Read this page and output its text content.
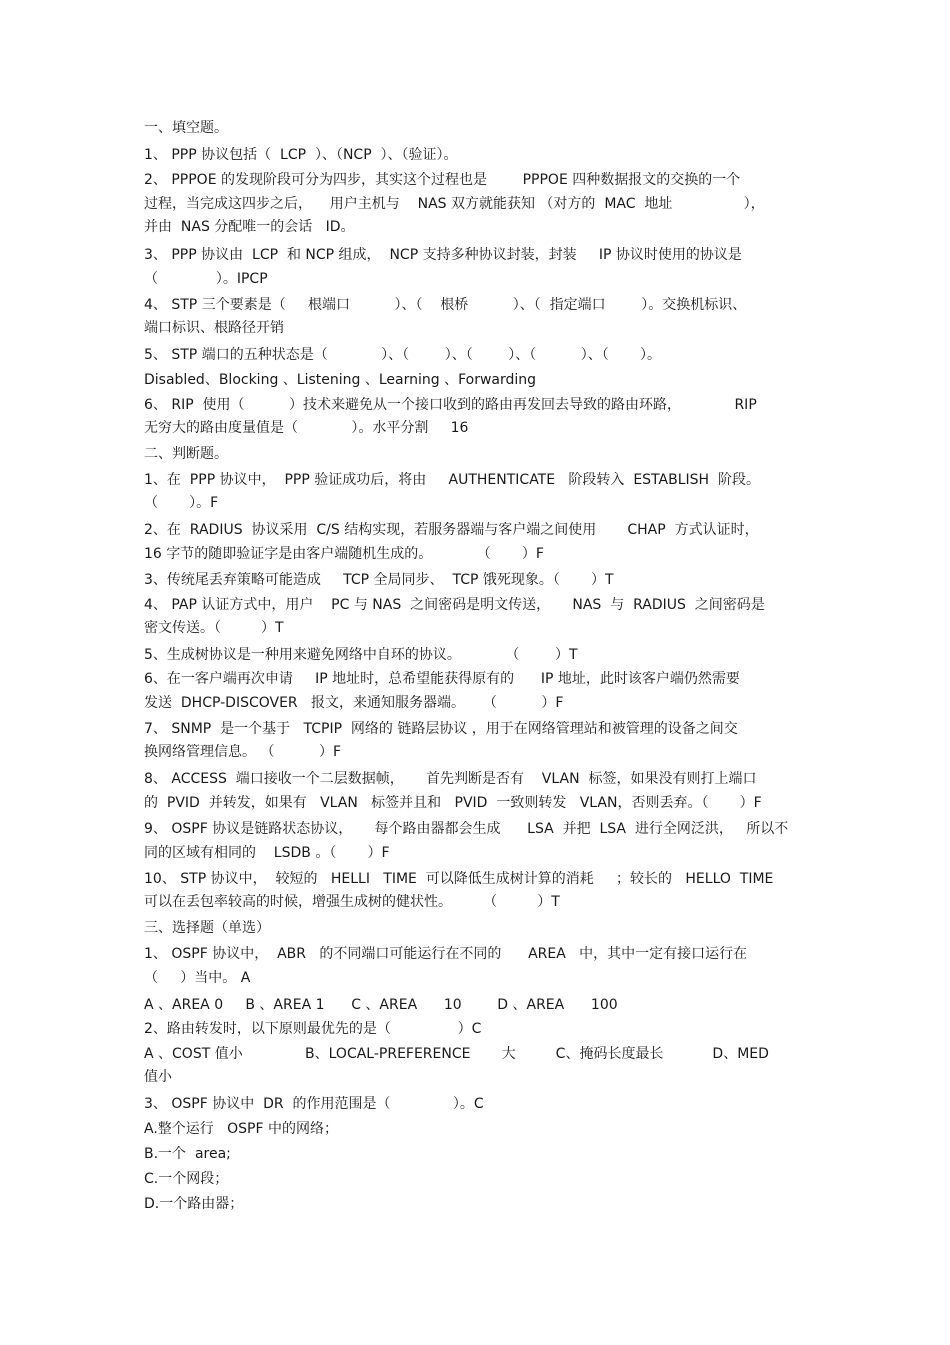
一、填空题。
1、 PPP 协议包括（  LCP  ）、（NCP  ）、（验证）。
2、 PPPOE 的发现阶段可分为四步，其实这个过程也是        PPPOE 四种数据报文的交换的一个
过程，当完成这四步之后，    用户主机与    NAS 双方就能获知 （对方的  MAC  地址                ），
并由  NAS 分配唯一的会话   ID。
3、 PPP 协议由  LCP  和 NCP 组成，  NCP 支持多种协议封装，封装     IP 协议时使用的协议是
（             ）。IPCP
4、 STP 三个要素是（     根端口          ）、（    根桥          ）、（  指定端口        ）。交换机标识、
端口标识、根路径开销
5、 STP 端口的五种状态是（            ）、（        ）、（        ）、（          ）、（       ）。
Disabled、Blocking 、Listening 、Learning 、Forwarding
6、 RIP  使用（          ）技术来避免从一个接口收到的路由再发回去导致的路由环路，            RIP
无穷大的路由度量值是（            ）。水平分割     16
二、判断题。
1、在  PPP 协议中，  PPP 验证成功后，将由     AUTHENTICATE   阶段转入  ESTABLISH  阶段。
（       ）。F
2、在  RADIUS  协议采用  C/S 结构实现，若服务器端与客户端之间使用       CHAP  方式认证时，
16 字节的随即验证字是由客户端随机生成的。          （       ）F
3、传统尾丢弃策略可能造成     TCP 全局同步、  TCP 饿死现象。（       ）T
4、 PAP 认证方式中，用户    PC 与 NAS  之间密码是明文传送，     NAS  与  RADIUS  之间密码是
密文传送。（         ）T
5、生成树协议是一种用来避免网络中自环的协议。          （        ）T
6、在一客户端再次申请     IP 地址时，总希望能获得原有的      IP 地址，此时该客户端仍然需要
发送  DHCP-DISCOVER   报文，来通知服务器端。    （          ）F
7、 SNMP  是一个基于   TCPIP  网络的 链路层协议 ，用于在网络管理站和被管理的设备之间交
换网络管理信息。 （          ）F
8、 ACCESS  端口接收一个二层数据帧，     首先判断是否有    VLAN  标签，如果没有则打上端口
的  PVID  并转发，如果有   VLAN   标签并且和   PVID  一致则转发   VLAN，否则丢弃。（       ）F
9、 OSPF 协议是链路状态协议，     每个路由器都会生成      LSA  并把  LSA  进行全网泛洪，   所以不
同的区域有相同的    LSDB 。（       ）F
10、 STP 协议中，  较短的   HELLI   TIME  可以降低生成树计算的消耗     ；较长的   HELLO  TIME
可以在丢包率较高的时候，增强生成树的健状性。       （         ）T
三、选择题（单选）
1、 OSPF 协议中，  ABR   的不同端口可能运行在不同的      AREA   中，其中一定有接口运行在
（     ）当中。 A
A 、AREA 0     B 、AREA 1      C 、AREA      10        D 、AREA      100
2、路由转发时，以下原则最优先的是（               ）C
A 、COST 值小              B、LOCAL-PREFERENCE       大         C、掩码长度最长           D、MED
值小
3、 OSPF 协议中  DR  的作用范围是（              ）。C
A.整个运行   OSPF 中的网络；
B.一个  area;
C.一个网段；
D.一个路由器；
